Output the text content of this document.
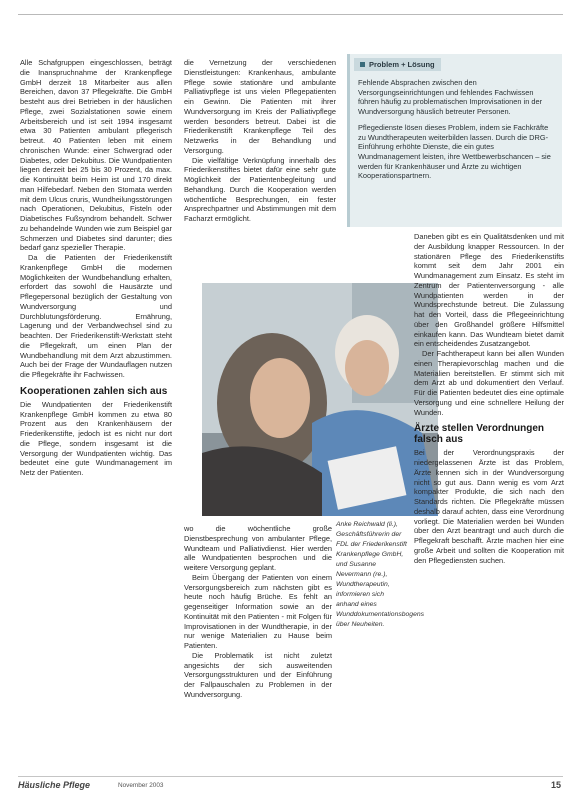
Alle Schafgruppen eingeschlossen, beträgt die Inanspruchnahme der Krankenpflege GmbH derzeit 18 Mitarbeiter aus allen Bereichen, davon 37 Pflegekräfte. Die GmbH besteht aus drei Betrieben in der häuslichen Pflege, zwei Sozialstationen sowie einem Arbeitsbereich und ist seit 1994 insgesamt etwa 30 Patienten ambulant pflegerisch betreut. 40 Patienten leben mit einem chronischen Wunde: einer Schwergrad oder Diabetes, oder Dekubitus. Die Wundpatienten liegen derzeit bei 25 bis 30 Prozent, da max. die Kontinuität beim Heim ist und 170 direkt man Hilfebedarf. Neben den Stomata werden mit dem Ulcus cruris, Wundheilungsstörungen nach Operationen, Dekubitus, Fisteln oder Diabetisches Fußsyndrom behandelt. Schwer zu behandelnde Wunden wie zum Beispiel gar Schmerzen und Diabetes sind darunter; dies bedarf ganz spezieller Therapie.

Da die Patienten der Friederikenstift Krankenpflege GmbH die modernen Möglichkeiten der Wundbehandlung erhalten, erfordert das sowohl die Hausärzte und Pflegepersonal bezüglich der Gestaltung von Wundversorgung und Durchblutungsförderung. Ernährung, Lagerung und der Verbandwechsel sind zu beachten. Der Friederikenstift-Werkstatt steht die Pflegekraft, um einen Plan der Wundbehandlung mit dem Arzt abzustimmen. Auch bei der Frage der Wundauflagen nutzen die Pflegekräfte ihr Fachwissen.

Kooperationen zahlen sich aus

Die Wundpatienten der Friederikenstift Krankenpflege GmbH kommen zu etwa 80 Prozent aus den Krankenhäusern der Friederikenstifte, jedoch ist es nicht nur dort die Pflege, sondern insgesamt ist die Versorgung der Wundpatienten wichtig. Das bedeutet eine gute Wundmanagement im Netz der Patienten.

die Vernetzung der verschiedenen Dienstleistungen: Krankenhaus, ambulante Pflege sowie stationäre und ambulante Palliativpflege ist uns vielen Pflegepatienten ein Gewinn. Die Patienten mit ihrer Wundversorgung im Kreis der Palliativpflege werden besonders betreut. Dabei ist die Friederikenstift Krankenpflege Teil des Netzwerks in der Behandlung und Versorgung.

Die vielfältige Verknüpfung innerhalb des Friederikenstiftes bietet dafür eine sehr gute Möglichkeit der Patientenbegleitung und Behandlung. Durch die Kooperation werden wöchentliche Besprechungen, ein fester Ansprechpartner und Abstimmungen mit dem Facharzt ermöglicht.

Anke Reichwald (li.), Geschäftsführerin der FDL der Friederikenstift Krankenpflege GmbH, und Susanne Nevermann (re.), Wundtherapeutin, informieren sich anhand eines Wunddokumentationsbogens über Neuheiten.

wo die wöchentliche große Dienstbesprechung von ambulanter Pflege, Wundteam und Palliativdienst. Hier werden alle Wundpatienten besprochen und die weitere Versorgung geplant.

Beim Übergang der Patienten von einem Versorgungsbereich zum nächsten gibt es heute noch häufig Brüche. Es fehlt an gegenseitiger Information sowie an der Kontinuität mit den Patienten - mit Folgen für Improvisationen in der Wundtherapie, in der nur wenige Materialien zu Hause beim Patienten.

Die Problematik ist nicht zuletzt angesichts der sich ausweitenden Versorgungsstrukturen und der Einführung der Fallpauschalen zu Problemen in der Wundversorgung.

Problem + Lösung

Fehlende Absprachen zwischen den Versorgungseinrichtungen und fehlendes Fachwissen führen häufig zu problematischen Improvisationen in der Wundversorgung häuslich betreuter Personen.

Pflegedienste lösen dieses Problem, indem sie Fachkräfte zu Wundtherapeuten weiterbilden lassen. Durch die DRG-Einführung erhöhte Dienste, die ein gutes Wundmanagement leisten, ihre Wettbewerbschancen – sie werden für Krankenhäuser und Ärzte zu wichtigen Kooperationspartnern.

Daneben gibt es ein Qualitätsdenken und mit der Ausbildung knapper Ressourcen. In der stationären Pflege des Friederikenstifts kommt seit dem Jahr 2001 ein Wundmanagement zum Einsatz. Es steht im Zentrum der Patientenversorgung - alle Wundpatienten werden in der Wundsprechstunde betreut. Die Zulassung hat den Vorteil, dass die Pflegeeinrichtung über den Großhandel größere Hilfsmittel einkaufen kann. Das Wundteam bietet damit ein entscheidendes Zusatzangebot.

Der Fachtherapeut kann bei allen Wunden einen Therapievorschlag machen und die Materialien bereitstellen. Er stimmt sich mit dem Arzt ab und dokumentiert den Verlauf. Für die Patienten bedeutet dies eine optimale Versorgung und eine schnellere Heilung der Wunden.

Ärzte stellen Verordnungen falsch aus

Bei der Verordnungspraxis der niedergelassenen Ärzte ist das Problem, Ärzte kennen sich in der Wundversorgung nicht so gut aus. Dann wenig es vom Arzt kompakter Produkte, die sich nach den Standards richten. Die Pflegekräfte müssen deshalb darauf achten, dass eine Verordnung vorliegt. Die Materialien werden bei Wunden über den Arzt beantragt und auch durch die Pflegekraft beschafft. Ärzte machen hier eine große Arbeit und sollten die Kooperation mit den Pflegediensten suchen.

Häusliche Pflege	November 2003	15
